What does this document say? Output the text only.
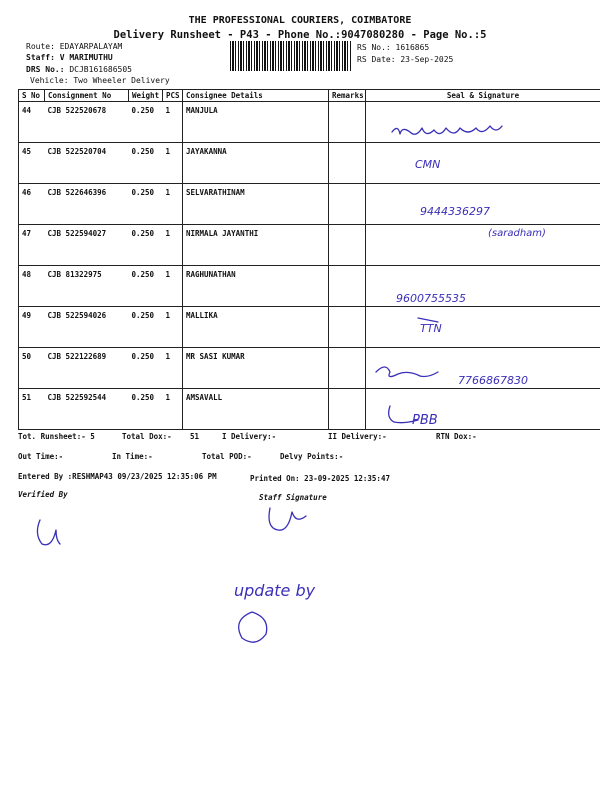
THE PROFESSIONAL COURIERS, COIMBATORE
Delivery Runsheet - P43 - Phone No.:9047080280 - Page No.:5
Route: EDAYARPALAYAM
Staff: V MARIMUTHU
DRS No.: DCJB161686505
Vehicle: Two Wheeler Delivery
RS No.: 1616865
RS Date: 23-Sep-2025
S No	Consignment No	Weight	PCS	Consignee Details	Remarks	Seal & Signature
44	CJB 522520678	0.250	1	MANJULA		
45	CJB 522520704	0.250	1	JAYAKANNA		
46	CJB 522646396	0.250	1	SELVARATHINAM		
47	CJB 522594027	0.250	1	NIRMALA JAYANTHI		
48	CJB 81322975	0.250	1	RAGHUNATHAN		
49	CJB 522594026	0.250	1	MALLIKA		
50	CJB 522122689	0.250	1	MR SASI KUMAR		
51	CJB 522592544	0.250	1	AMSAVALL		
Tot. Runsheet:- 5	Total Dox:- 51	I Delivery:-	II Delivery:-	RTN Dox:-
Out Time:-	In Time:-	Total POD:-	Delvy Points:-
Entered By :RESHMAP43 09/23/2025 12:35:06 PM	Printed On: 23-09-2025 12:35:47
Verified By	Staff Signature
CMN
9444336297
(saradham)
9600755535
TTN
7766867830
PBB
update by
